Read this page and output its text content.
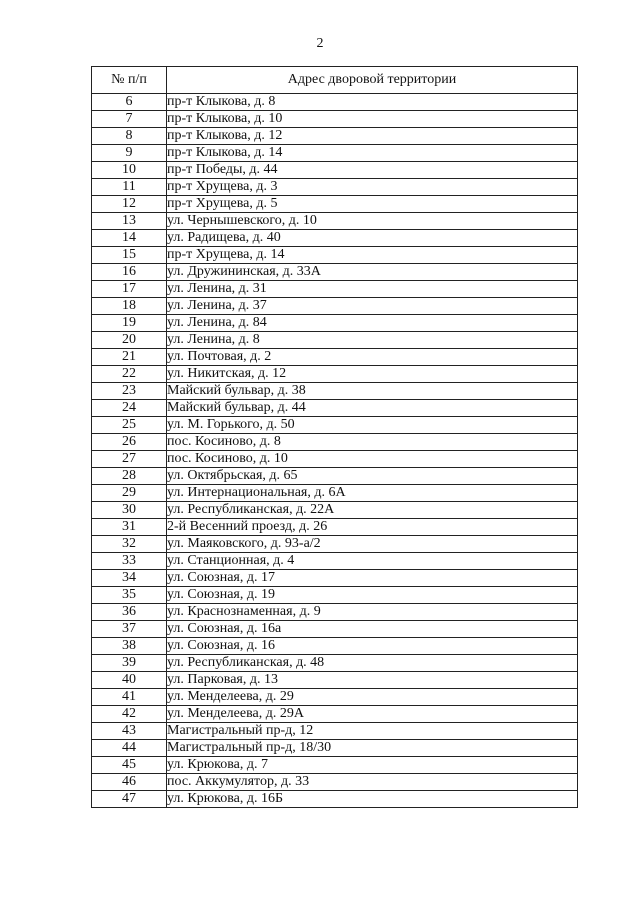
2
№ п/п	Адрес дворовой территории
6	пр-т Клыкова, д. 8
7	пр-т Клыкова, д. 10
8	пр-т Клыкова, д. 12
9	пр-т Клыкова, д. 14
10	пр-т Победы, д. 44
11	пр-т Хрущева, д. 3
12	пр-т Хрущева, д. 5
13	ул. Чернышевского, д. 10
14	ул. Радищева, д. 40
15	пр-т Хрущева, д. 14
16	ул. Дружининская, д. 33А
17	ул. Ленина, д. 31
18	ул. Ленина, д. 37
19	ул. Ленина, д. 84
20	ул. Ленина, д. 8
21	ул. Почтовая, д. 2
22	ул. Никитская, д. 12
23	Майский бульвар, д. 38
24	Майский бульвар, д. 44
25	ул. М. Горького, д. 50
26	пос. Косиново, д. 8
27	пос. Косиново, д. 10
28	ул. Октябрьская, д. 65
29	ул. Интернациональная, д. 6А
30	ул. Республиканская, д. 22А
31	2-й Весенний проезд, д. 26
32	ул. Маяковского, д. 93-а/2
33	ул. Станционная, д. 4
34	ул. Союзная, д. 17
35	ул. Союзная, д. 19
36	ул. Краснознаменная, д. 9
37	ул. Союзная, д. 16а
38	ул. Союзная, д. 16
39	ул. Республиканская, д. 48
40	ул. Парковая, д. 13
41	ул. Менделеева, д. 29
42	ул. Менделеева, д. 29А
43	Магистральный пр-д, 12
44	Магистральный пр-д, 18/30
45	ул. Крюкова, д. 7
46	пос. Аккумулятор, д. 33
47	ул. Крюкова, д. 16Б
